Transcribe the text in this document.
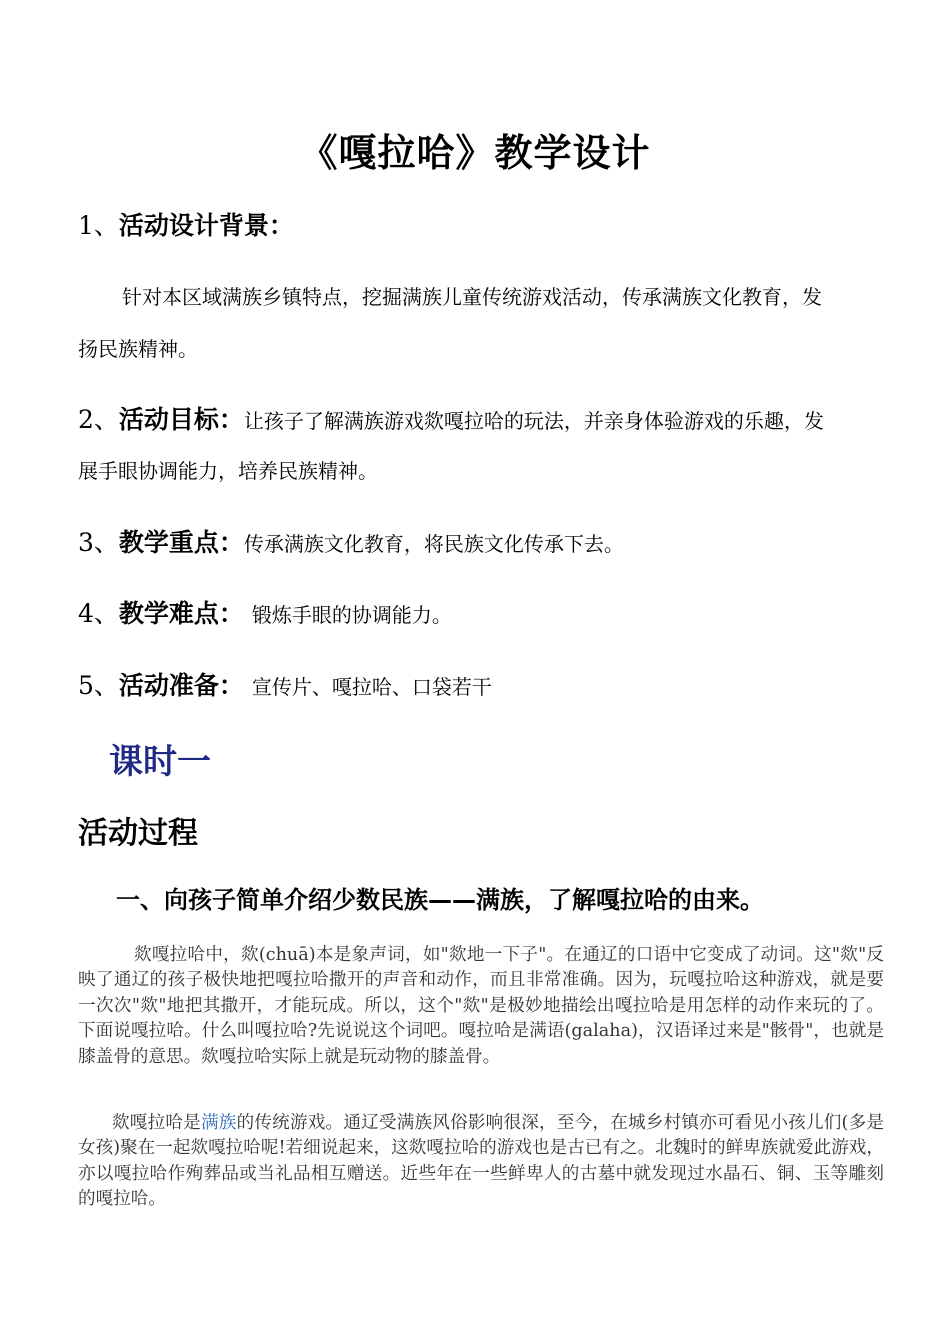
《嘎拉哈》教学设计
1、活动设计背景：
针对本区域满族乡镇特点，挖掘满族儿童传统游戏活动，传承满族文化教育，发
扬民族精神。
2、活动目标：让孩子了解满族游戏欻嘎拉哈的玩法，并亲身体验游戏的乐趣，发
展手眼协调能力，培养民族精神。
3、教学重点：传承满族文化教育，将民族文化传承下去。
4、教学难点： 锻炼手眼的协调能力。
5、活动准备： 宣传片、嘎拉哈、口袋若干
课时一
活动过程
一、向孩子简单介绍少数民族——满族，了解嘎拉哈的由来。
欻嘎拉哈中，欻(chuā)本是象声词，如"欻地一下子"。在通辽的口语中它变成了动词。这"欻"反映了通辽的孩子极快地把嘎拉哈撒开的声音和动作，而且非常准确。因为，玩嘎拉哈这种游戏，就是要一次次"欻"地把其撒开，才能玩成。所以，这个"欻"是极妙地描绘出嘎拉哈是用怎样的动作来玩的了。下面说嘎拉哈。什么叫嘎拉哈?先说说这个词吧。嘎拉哈是满语(galaha)，汉语译过来是"骸骨"，也就是膝盖骨的意思。欻嘎拉哈实际上就是玩动物的膝盖骨。
欻嘎拉哈是满族的传统游戏。通辽受满族风俗影响很深，至今，在城乡村镇亦可看见小孩儿们(多是女孩)聚在一起欻嘎拉哈呢!若细说起来，这欻嘎拉哈的游戏也是古已有之。北魏时的鲜卑族就爱此游戏，亦以嘎拉哈作殉葬品或当礼品相互赠送。近些年在一些鲜卑人的古墓中就发现过水晶石、铜、玉等雕刻的嘎拉哈。
